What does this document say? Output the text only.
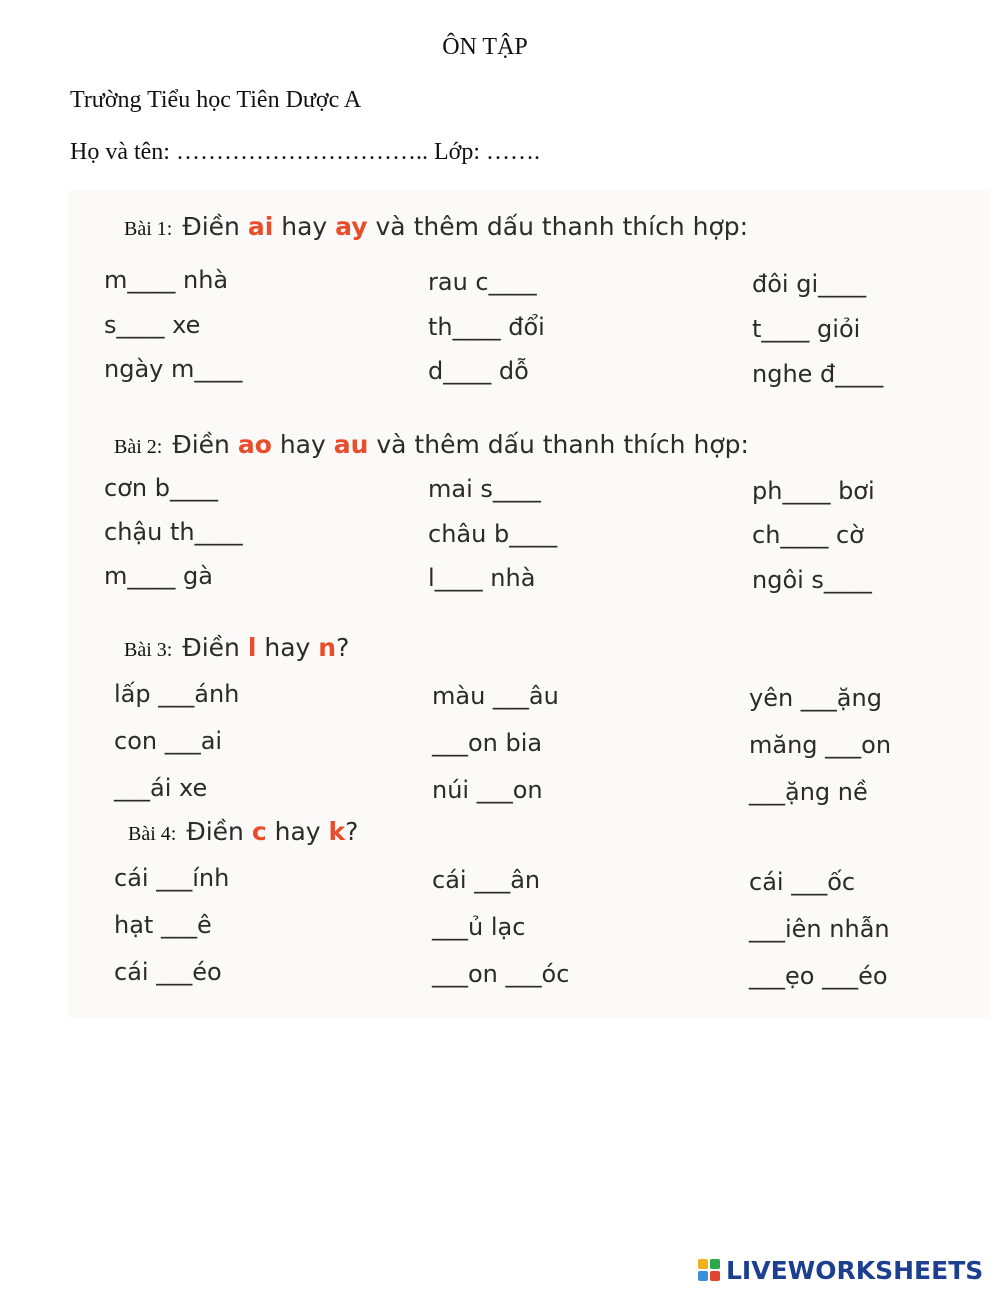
ÔN TẬP
Trường Tiểu học Tiên Dược A
Họ và tên: ………………………….. Lớp: …….
Bài 1: Điền ai hay ay và thêm dấu thanh thích hợp:
m____ nhà	rau c____	đôi gi____
s____ xe	th____ đổi	t____ giỏi
ngày m____	d____ dỗ	nghe đ____
Bài 2: Điền ao hay au và thêm dấu thanh thích hợp:
cơn b____	mai s____	ph____ bơi
chậu th____	châu b____	ch____ cờ
m____ gà	l____ nhà	ngôi s____
Bài 3: Điền l hay n?
lấp ___ánh	màu ___âu	yên ___ặng
con ___ai	___on bia	măng ___on
___ái xe	núi ___on	___ặng nề
Bài 4: Điền c hay k?
cái ___ính	cái ___ân	cái ___ốc
hạt ___ê	___ủ lạc	___iên nhẫn
cái ___éo	___on ___óc	___ẹo ___éo
LIVEWORKSHEETS
